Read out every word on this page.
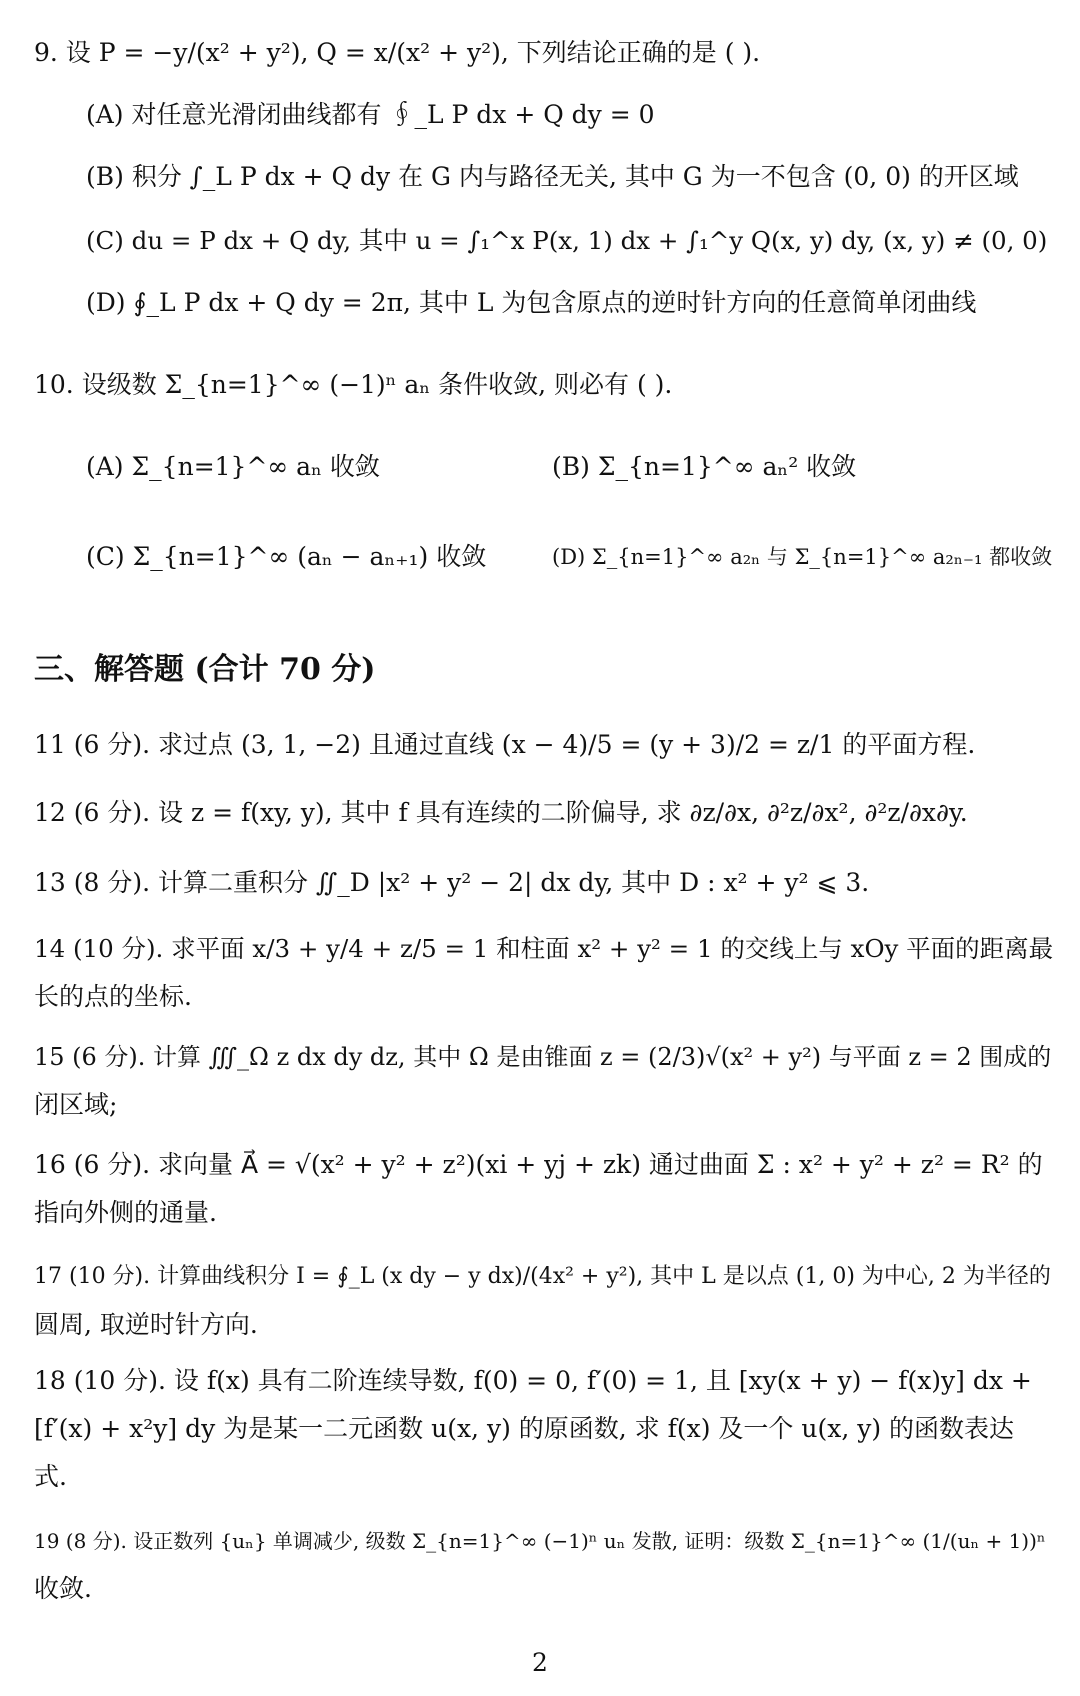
9. 设 P = −y/(x² + y²), Q = x/(x² + y²), 下列结论正确的是 ( ).
(A) 对任意光滑闭曲线都有 ∮_L P dx + Q dy = 0
(B) 积分 ∫_L P dx + Q dy 在 G 内与路径无关, 其中 G 为一不包含 (0, 0) 的开区域
(C) du = P dx + Q dy, 其中 u = ∫₁^x P(x, 1) dx + ∫₁^y Q(x, y) dy, (x, y) ≠ (0, 0)
(D) ∮_L P dx + Q dy = 2π, 其中 L 为包含原点的逆时针方向的任意简单闭曲线
10. 设级数 Σ_{n=1}^∞ (−1)ⁿ aₙ 条件收敛, 则必有 ( ).
(A) Σ_{n=1}^∞ aₙ 收敛	(B) Σ_{n=1}^∞ aₙ² 收敛
(C) Σ_{n=1}^∞ (aₙ − aₙ₊₁) 收敛	(D) Σ_{n=1}^∞ a₂ₙ 与 Σ_{n=1}^∞ a₂ₙ₋₁ 都收敛
三、解答题 (合计 70 分)
11 (6 分). 求过点 (3, 1, −2) 且通过直线 (x − 4)/5 = (y + 3)/2 = z/1 的平面方程.
12 (6 分). 设 z = f(xy, y), 其中 f 具有连续的二阶偏导, 求 ∂z/∂x, ∂²z/∂x², ∂²z/∂x∂y.
13 (8 分). 计算二重积分 ∬_D |x² + y² − 2| dx dy, 其中 D : x² + y² ⩽ 3.
14 (10 分). 求平面 x/3 + y/4 + z/5 = 1 和柱面 x² + y² = 1 的交线上与 xOy 平面的距离最
长的点的坐标.
15 (6 分). 计算 ∭_Ω z dx dy dz, 其中 Ω 是由锥面 z = (2/3)√(x² + y²) 与平面 z = 2 围成的
闭区域;
16 (6 分). 求向量 A⃗ = √(x² + y² + z²)(xi + yj + zk) 通过曲面 Σ : x² + y² + z² = R² 的
指向外侧的通量.
17 (10 分). 计算曲线积分 I = ∮_L (x dy − y dx)/(4x² + y²), 其中 L 是以点 (1, 0) 为中心, 2 为半径的
圆周, 取逆时针方向.
18 (10 分). 设 f(x) 具有二阶连续导数, f(0) = 0, f′(0) = 1, 且 [xy(x + y) − f(x)y] dx +
[f′(x) + x²y] dy 为是某一二元函数 u(x, y) 的原函数, 求 f(x) 及一个 u(x, y) 的函数表达
式.
19 (8 分). 设正数列 {uₙ} 单调减少, 级数 Σ_{n=1}^∞ (−1)ⁿ uₙ 发散, 证明：级数 Σ_{n=1}^∞ (1/(uₙ + 1))ⁿ
收敛.
2
